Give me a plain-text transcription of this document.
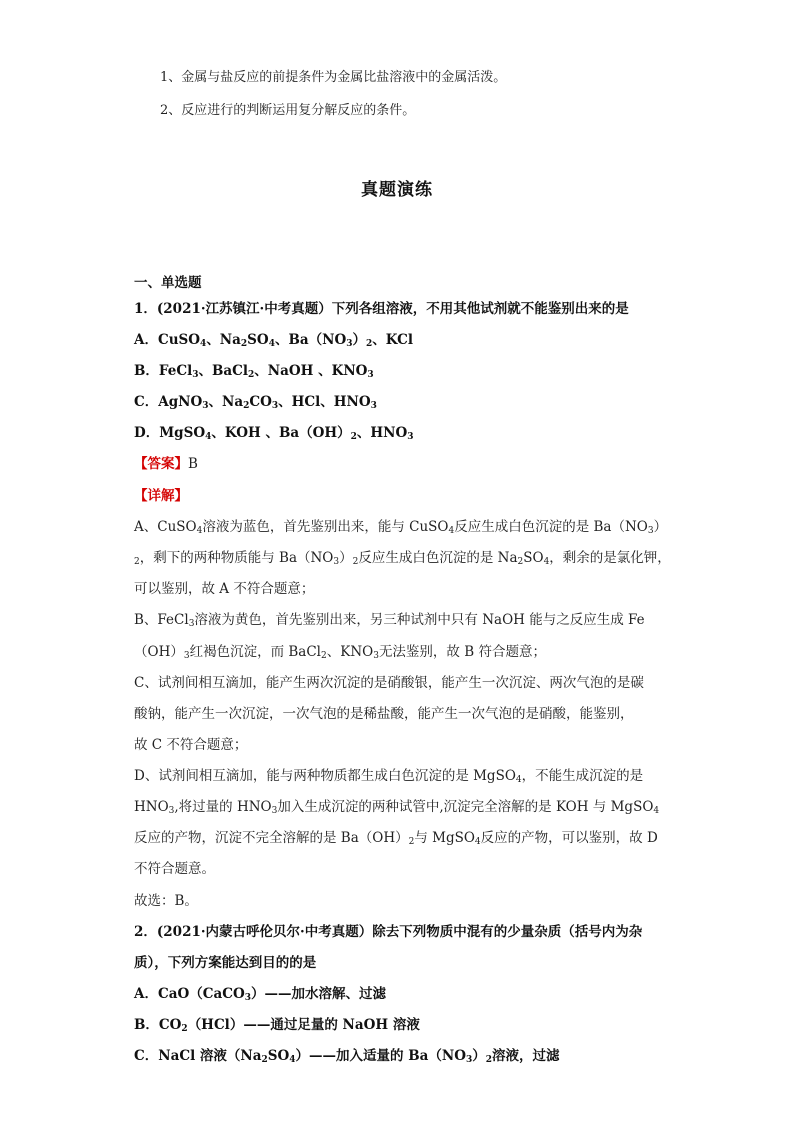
1、金属与盐反应的前提条件为金属比盐溶液中的金属活泼。
2、反应进行的判断运用复分解反应的条件。
真题演练
一、单选题
1．(2021·江苏镇江·中考真题）下列各组溶液，不用其他试剂就不能鉴别出来的是
A．CuSO$_4$、$Na_2SO_4$、$Ba(NO_3)_2$、KCl
B．FeCl$_3$、BaCl$_2$、NaOH 、$KNO_3$
C．AgNO$_3$、$Na_2CO_3$、HCl、$HNO_3$
D．MgSO$_4$、KOH 、$Ba(OH)_2$、$HNO_3$
【答案】B
【详解】
A、CuSO$_4$溶液为蓝色，首先鉴别出来，能与 CuSO$_4$反应生成白色沉淀的是 $Ba(NO_3)$
$_2$，剩下的两种物质能与 $Ba(NO_3)_2$反应生成白色沉淀的是 $Na_2SO_4$，剩余的是氯化钾，
可以鉴别，故 A 不符合题意；
B、FeCl$_3$溶液为黄色，首先鉴别出来，另三种试剂中只有 NaOH 能与之反应生成 Fe
$(OH)_3$红褐色沉淀，而 BaCl$_2$、$KNO_3$无法鉴别，故 B 符合题意；
C、试剂间相互滴加，能产生两次沉淀的是硝酸银，能产生一次沉淀、两次气泡的是碳
酸钠，能产生一次沉淀，一次气泡的是稀盐酸，能产生一次气泡的是硝酸，能鉴别，
故 C 不符合题意；
D、试剂间相互滴加，能与两种物质都生成白色沉淀的是 MgSO$_4$，不能生成沉淀的是
$HNO_3$,将过量的 $HNO_3$加入生成沉淀的两种试管中,沉淀完全溶解的是 KOH 与 MgSO$_4$
反应的产物，沉淀不完全溶解的是 $Ba(OH)_2$与 MgSO$_4$反应的产物，可以鉴别，故 D
不符合题意。
故选：B。
2．(2021·内蒙古呼伦贝尔·中考真题）除去下列物质中混有的少量杂质（括号内为杂
质），下列方案能达到目的的是
A．CaO（CaCO$_3$）——加水溶解、过滤
B．$CO_2(HCl)——$通过足量的 NaOH 溶液
C．NaCl 溶液$(Na_2SO_4)——$加入适量的 $Ba(NO_3)_2$溶液，过滤
